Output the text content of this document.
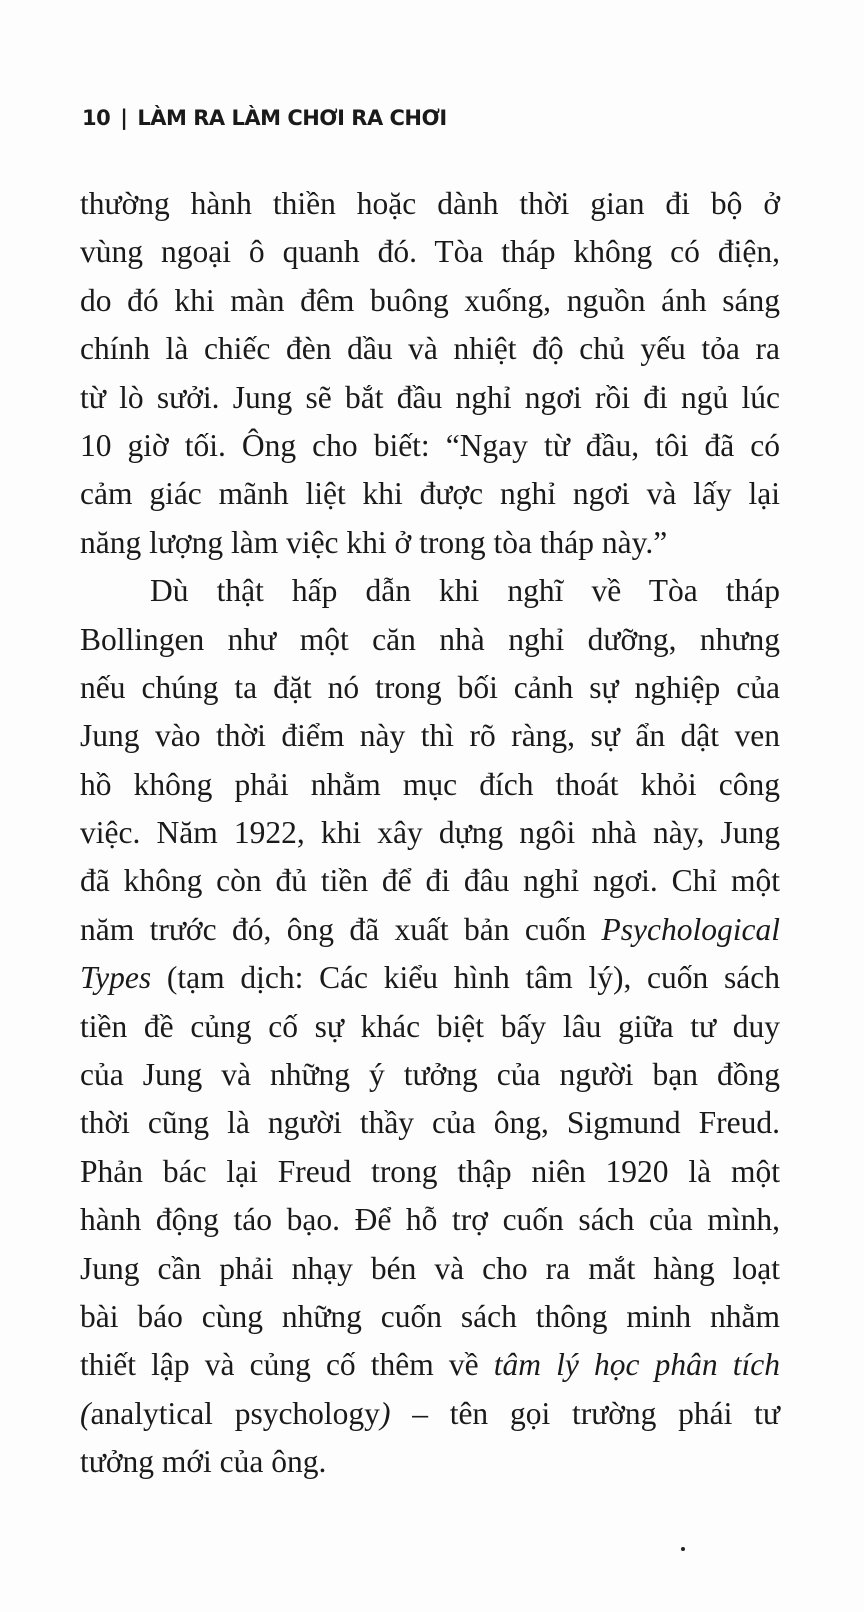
10 | LÀM RA LÀM CHƠI RA CHƠI
thường hành thiền hoặc dành thời gian đi bộ ở
vùng ngoại ô quanh đó. Tòa tháp không có điện,
do đó khi màn đêm buông xuống, nguồn ánh sáng
chính là chiếc đèn dầu và nhiệt độ chủ yếu tỏa ra
từ lò sưởi. Jung sẽ bắt đầu nghỉ ngơi rồi đi ngủ lúc
10 giờ tối. Ông cho biết: “Ngay từ đầu, tôi đã có
cảm giác mãnh liệt khi được nghỉ ngơi và lấy lại
năng lượng làm việc khi ở trong tòa tháp này.”
Dù thật hấp dẫn khi nghĩ về Tòa tháp
Bollingen như một căn nhà nghỉ dưỡng, nhưng
nếu chúng ta đặt nó trong bối cảnh sự nghiệp của
Jung vào thời điểm này thì rõ ràng, sự ẩn dật ven
hồ không phải nhằm mục đích thoát khỏi công
việc. Năm 1922, khi xây dựng ngôi nhà này, Jung
đã không còn đủ tiền để đi đâu nghỉ ngơi. Chỉ một
năm trước đó, ông đã xuất bản cuốn Psychological
Types (tạm dịch: Các kiểu hình tâm lý), cuốn sách
tiền đề củng cố sự khác biệt bấy lâu giữa tư duy
của Jung và những ý tưởng của người bạn đồng
thời cũng là người thầy của ông, Sigmund Freud.
Phản bác lại Freud trong thập niên 1920 là một
hành động táo bạo. Để hỗ trợ cuốn sách của mình,
Jung cần phải nhạy bén và cho ra mắt hàng loạt
bài báo cùng những cuốn sách thông minh nhằm
thiết lập và củng cố thêm về tâm lý học phân tích
(analytical psychology) – tên gọi trường phái tư
tưởng mới của ông.
